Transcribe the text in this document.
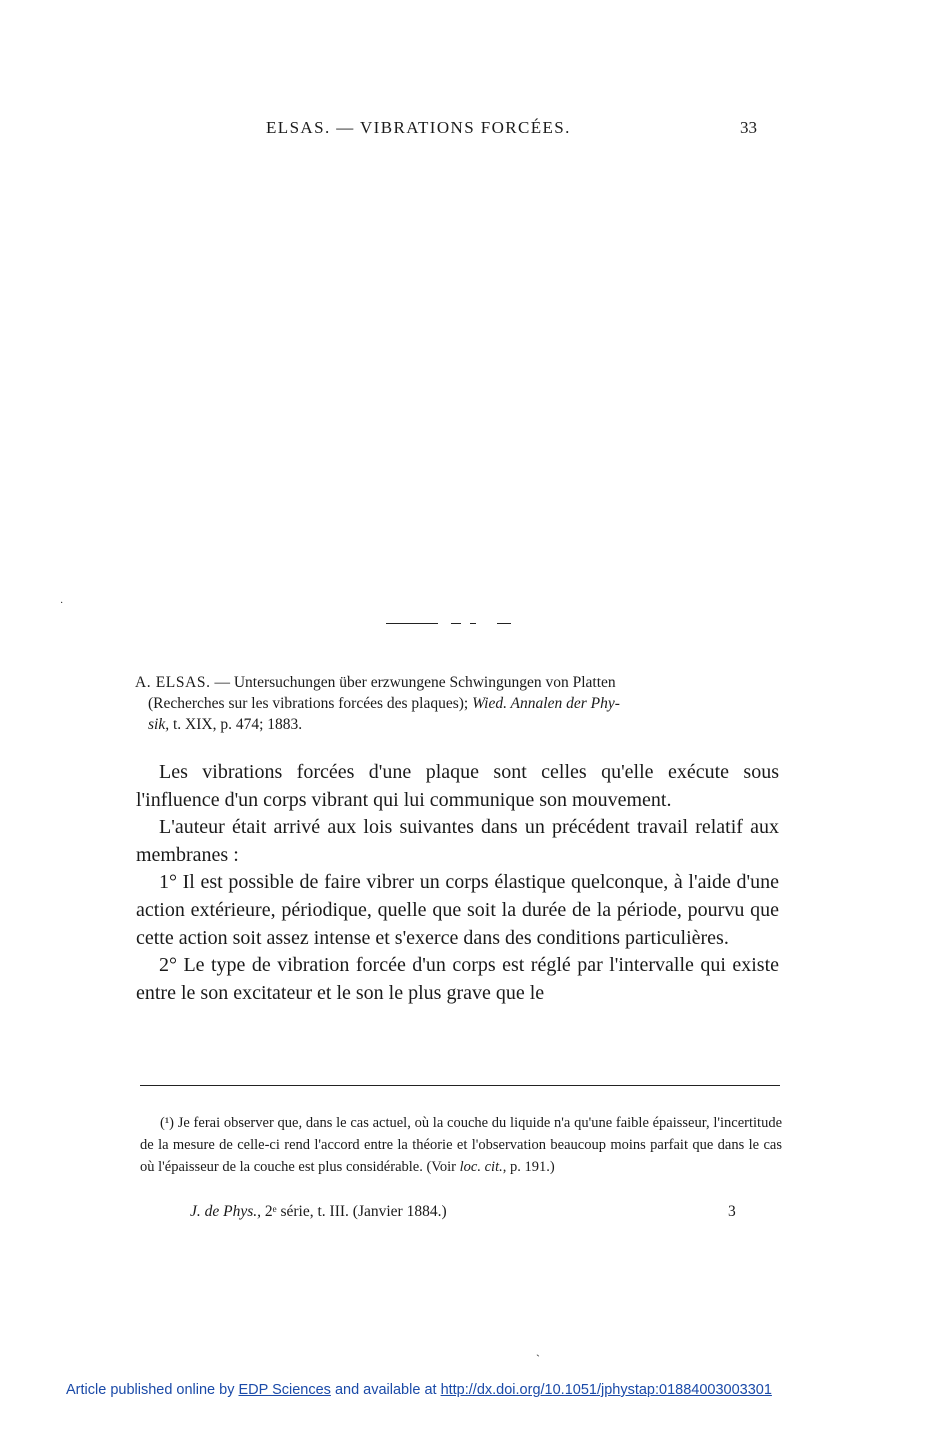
ELSAS. — VIBRATIONS FORCÉES.	33
·
A. ELSAS. — Untersuchungen über erzwungene Schwingungen von Platten
(Recherches sur les vibrations forcées des plaques); Wied. Annalen der Phy-
sik, t. XIX, p. 474; 1883.

Les vibrations forcées d'une plaque sont celles qu'elle exécute sous l'influence d'un corps vibrant qui lui communique son mouvement.

L'auteur était arrivé aux lois suivantes dans un précédent travail relatif aux membranes :

1° Il est possible de faire vibrer un corps élastique quelconque, à l'aide d'une action extérieure, périodique, quelle que soit la durée de la période, pourvu que cette action soit assez intense et s'exerce dans des conditions particulières.

2° Le type de vibration forcée d'un corps est réglé par l'intervalle qui existe entre le son excitateur et le son le plus grave que le

(¹) Je ferai observer que, dans le cas actuel, où la couche du liquide n'a qu'une faible épaisseur, l'incertitude de la mesure de celle-ci rend l'accord entre la théorie et l'observation beaucoup moins parfait que dans le cas où l'épaisseur de la couche est plus considérable. (Voir loc. cit., p. 191.)

J. de Phys., 2ᵉ série, t. III. (Janvier 1884.)	3
ˋ
Article published online by EDP Sciences and available at http://dx.doi.org/10.1051/jphystap:01884003003301
